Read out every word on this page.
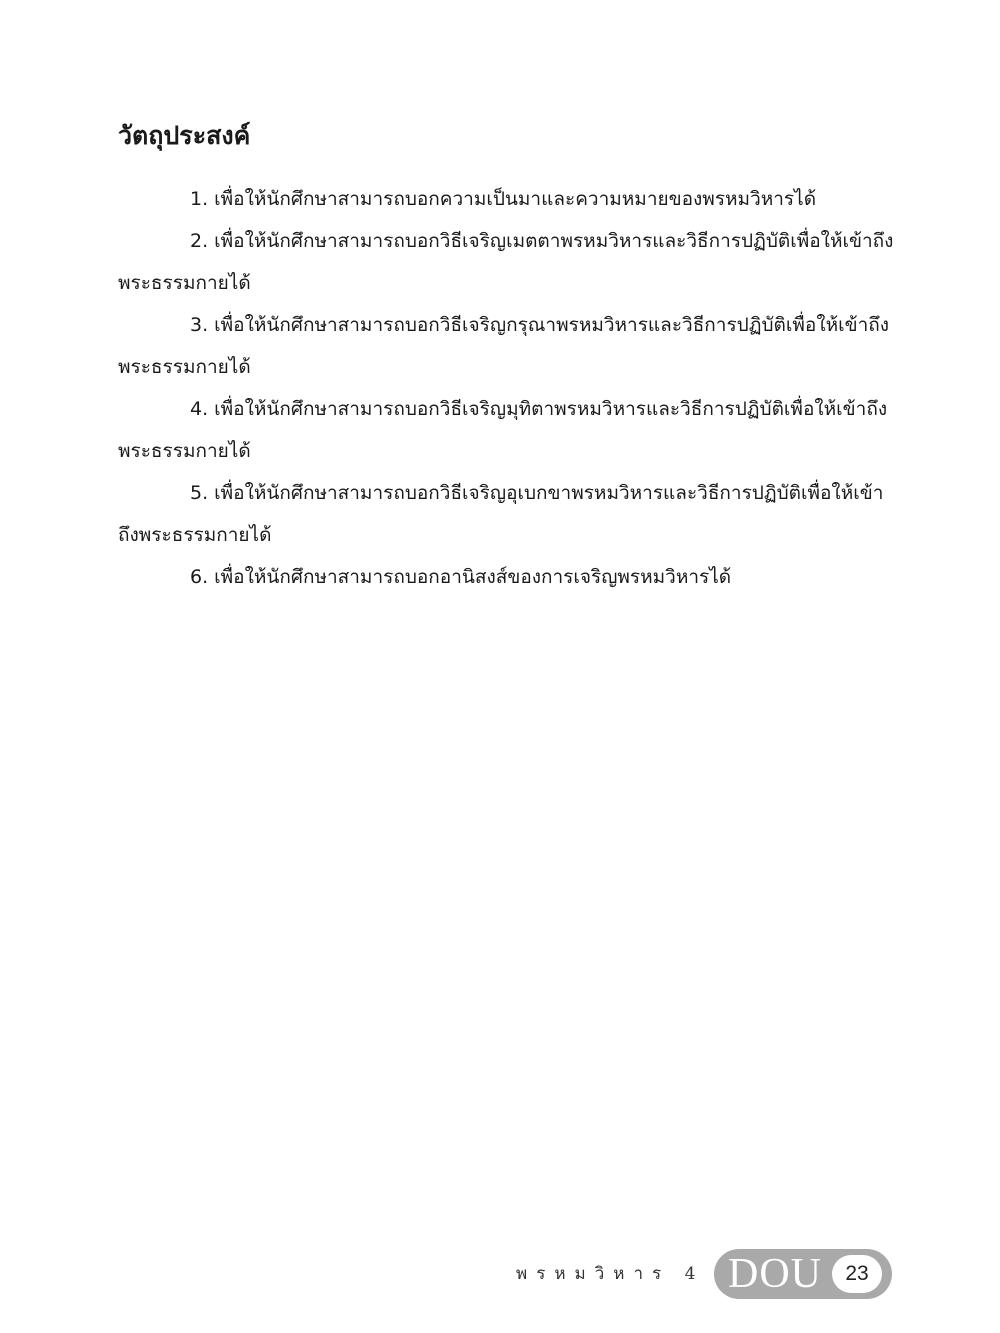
วัตถุประสงค์
1. เพื่อให้นักศึกษาสามารถบอกความเป็นมาและความหมายของพรหมวิหารได้
2. เพื่อให้นักศึกษาสามารถบอกวิธีเจริญเมตตาพรหมวิหารและวิธีการปฏิบัติเพื่อให้เข้าถึงพระธรรมกายได้
3. เพื่อให้นักศึกษาสามารถบอกวิธีเจริญกรุณาพรหมวิหารและวิธีการปฏิบัติเพื่อให้เข้าถึงพระธรรมกายได้
4. เพื่อให้นักศึกษาสามารถบอกวิธีเจริญมุทิตาพรหมวิหารและวิธีการปฏิบัติเพื่อให้เข้าถึงพระธรรมกายได้
5. เพื่อให้นักศึกษาสามารถบอกวิธีเจริญอุเบกขาพรหมวิหารและวิธีการปฏิบัติเพื่อให้เข้าถึงพระธรรมกายได้
6. เพื่อให้นักศึกษาสามารถบอกอานิสงส์ของการเจริญพรหมวิหารได้
พรหมวิหาร 4 DOU	23
